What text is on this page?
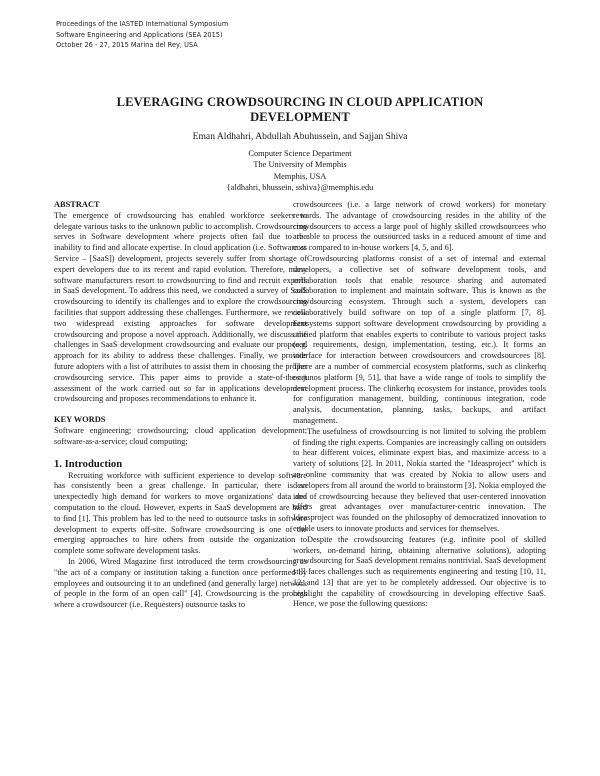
Proceedings of the IASTED International Symposium
Software Engineering and Applications (SEA 2015)
October 26 - 27, 2015 Marina del Rey, USA
LEVERAGING CROWDSOURCING IN CLOUD APPLICATION
DEVELOPMENT
Eman Aldhahri, Abdullah Abuhussein, and Sajjan Shiva
Computer Science Department
The University of Memphis
Memphis, USA
{aldhahri, bhussein, sshiva}@memphis.edu

ABSTRACT

The emergence of crowdsourcing has enabled workforce seekers to delegate various tasks to the unknown public to accomplish. Crowdsourcing serves in Software development where projects often fail due to the inability to find and allocate expertise. In cloud application (i.e. Software as Service – [SaaS]) development, projects severely suffer from shortage of expert developers due to its recent and rapid evolution. Therefore, many software manufacturers resort to crowdsourcing to find and recruit experts in SaaS development. To address this need, we conducted a survey of SaaS crowdsourcing to identify its challenges and to explore the crowdsourcing facilities that support addressing these challenges. Furthermore, we review two widespread existing approaches for software development crowdsourcing and propose a novel approach. Additionally, we discuss the challenges in SaaS development crowdsourcing and evaluate our proposed approach for its ability to address these challenges. Finally, we provide future adopters with a list of attributes to assist them in choosing the proper crowdsourcing service. This paper aims to provide a state-of-the-art assessment of the work carried out so far in applications development crowdsourcing and proposes recommendations to enhance it.

KEY WORDS

Software engineering; crowdsourcing; cloud application development; software-as-a-service; cloud computing;

1. Introduction

Recruiting workforce with sufficient experience to develop software has consistently been a great challenge. In particular, there is an unexpectedly high demand for workers to move organizations' data and computation to the cloud. However, experts in SaaS development are hard to find [1]. This problem has led to the need to outsource tasks in software development to experts off-site. Software crowdsourcing is one of the emerging approaches to hire others from outside the organization to complete some software development tasks.

In 2006, Wired Magazine first introduced the term crowdsourcing as "the act of a company or institution taking a function once performed by employees and outsourcing it to an undefined (and generally large) network of people in the form of an open call" [4]. Crowdsourcing is the process where a crowdsourcer (i.e. Requesters) outsource tasks to

crowdsourcees (i.e. a large network of crowd workers) for monetary rewards. The advantage of crowdsourcing resides in the ability of the crowdsourcers to access a large pool of highly skilled crowdsourcees who are able to process the outsourced tasks in a reduced amount of time and cost compared to in-house workers [4, 5, and 6].

Crowdsourcing platforms consist of a set of internal and external developers, a collective set of software development tools, and collaboration tools that enable resource sharing and automated collaboration to implement and maintain software. This is known as the crowdsourcing ecosystem. Through such a system, developers can collaboratively build software on top of a single platform [7, 8]. Ecosystems support software development crowdsourcing by providing a unified platform that enables experts to contribute to various project tasks (e.g. requirements, design, implementation, testing, etc.). It forms an interface for interaction between crowdsourcers and crowdsourcees [8]. There are a number of commercial ecosystem platforms, such as clinkerhq or junos platform [9, 51], that have a wide range of tools to simplify the development process. The clinkerhq ecosystem for instance, provides tools for configuration management, building, continuous integration, code analysis, documentation, planning, tasks, backups, and artifact management.

The usefulness of crowdsourcing is not limited to solving the problem of finding the right experts. Companies are increasingly calling on outsiders to hear different voices, eliminate expert bias, and maximize access to a variety of solutions [2]. In 2011, Nokia started the "Ideasproject" which is an online community that was created by Nokia to allow users and developers from all around the world to brainstorm [3]. Nokia employed the idea of crowdsourcing because they believed that user-centered innovation offers great advantages over manufacturer-centric innovation. The Ideasproject was founded on the philosophy of democratized innovation to enable users to innovate products and services for themselves.

Despite the crowdsourcing features (e.g. infinite pool of skilled workers, on-demand hiring, obtaining alternative solutions), adopting crowdsourcing for SaaS development remains nontrivial. SaaS development still faces challenges such as requirements engineering and testing [10, 11, 12, and 13] that are yet to be completely addressed. Our objective is to highlight the capability of crowdsourcing in developing effective SaaS. Hence, we pose the following questions:
